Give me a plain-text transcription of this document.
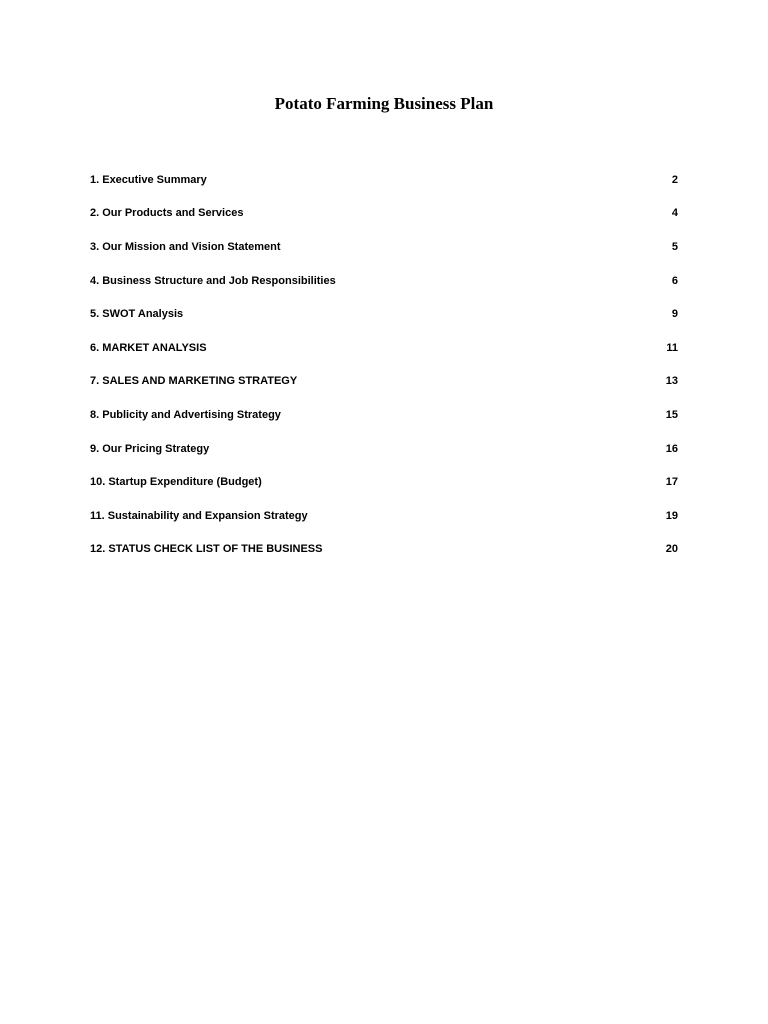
Potato Farming Business Plan
1. Executive Summary	2
2. Our Products and Services	4
3. Our Mission and Vision Statement	5
4. Business Structure and Job Responsibilities	6
5. SWOT Analysis	9
6. MARKET ANALYSIS	11
7. SALES AND MARKETING STRATEGY	13
8. Publicity and Advertising Strategy	15
9. Our Pricing Strategy	16
10. Startup Expenditure (Budget)	17
11. Sustainability and Expansion Strategy	19
12. STATUS CHECK LIST OF THE BUSINESS	20
